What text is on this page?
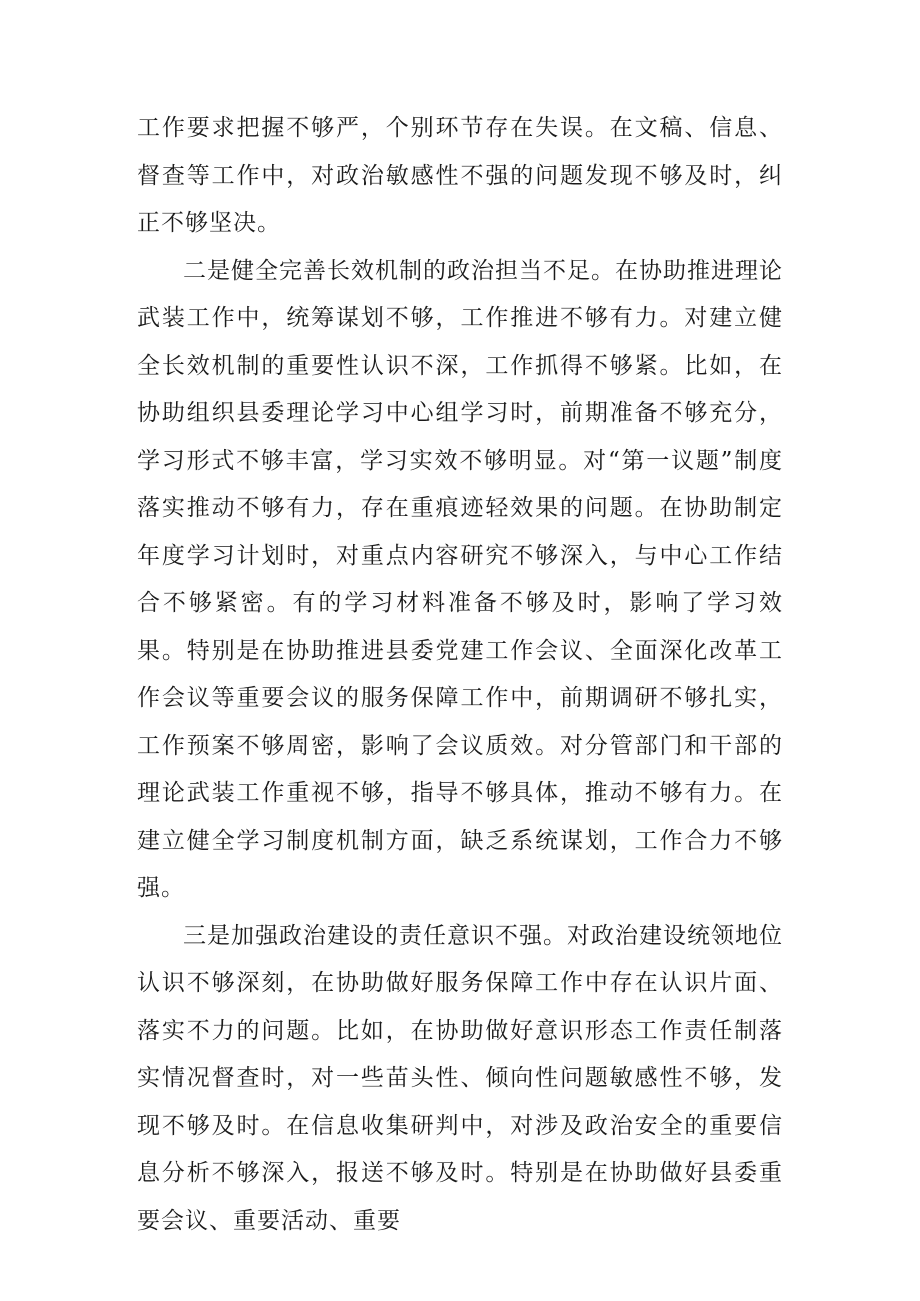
工作要求把握不够严，个别环节存在失误。在文稿、信息、督查等工作中，对政治敏感性不强的问题发现不够及时，纠正不够坚决。

二是健全完善长效机制的政治担当不足。在协助推进理论武装工作中，统筹谋划不够，工作推进不够有力。对建立健全长效机制的重要性认识不深，工作抓得不够紧。比如，在协助组织县委理论学习中心组学习时，前期准备不够充分，学习形式不够丰富，学习实效不够明显。对“第一议题”制度落实推动不够有力，存在重痕迹轻效果的问题。在协助制定年度学习计划时，对重点内容研究不够深入，与中心工作结合不够紧密。有的学习材料准备不够及时，影响了学习效果。特别是在协助推进县委党建工作会议、全面深化改革工作会议等重要会议的服务保障工作中，前期调研不够扎实，工作预案不够周密，影响了会议质效。对分管部门和干部的理论武装工作重视不够，指导不够具体，推动不够有力。在建立健全学习制度机制方面，缺乏系统谋划，工作合力不够强。

三是加强政治建设的责任意识不强。对政治建设统领地位认识不够深刻，在协助做好服务保障工作中存在认识片面、落实不力的问题。比如，在协助做好意识形态工作责任制落实情况督查时，对一些苗头性、倾向性问题敏感性不够，发现不够及时。在信息收集研判中，对涉及政治安全的重要信息分析不够深入，报送不够及时。特别是在协助做好县委重要会议、重要活动、重要
